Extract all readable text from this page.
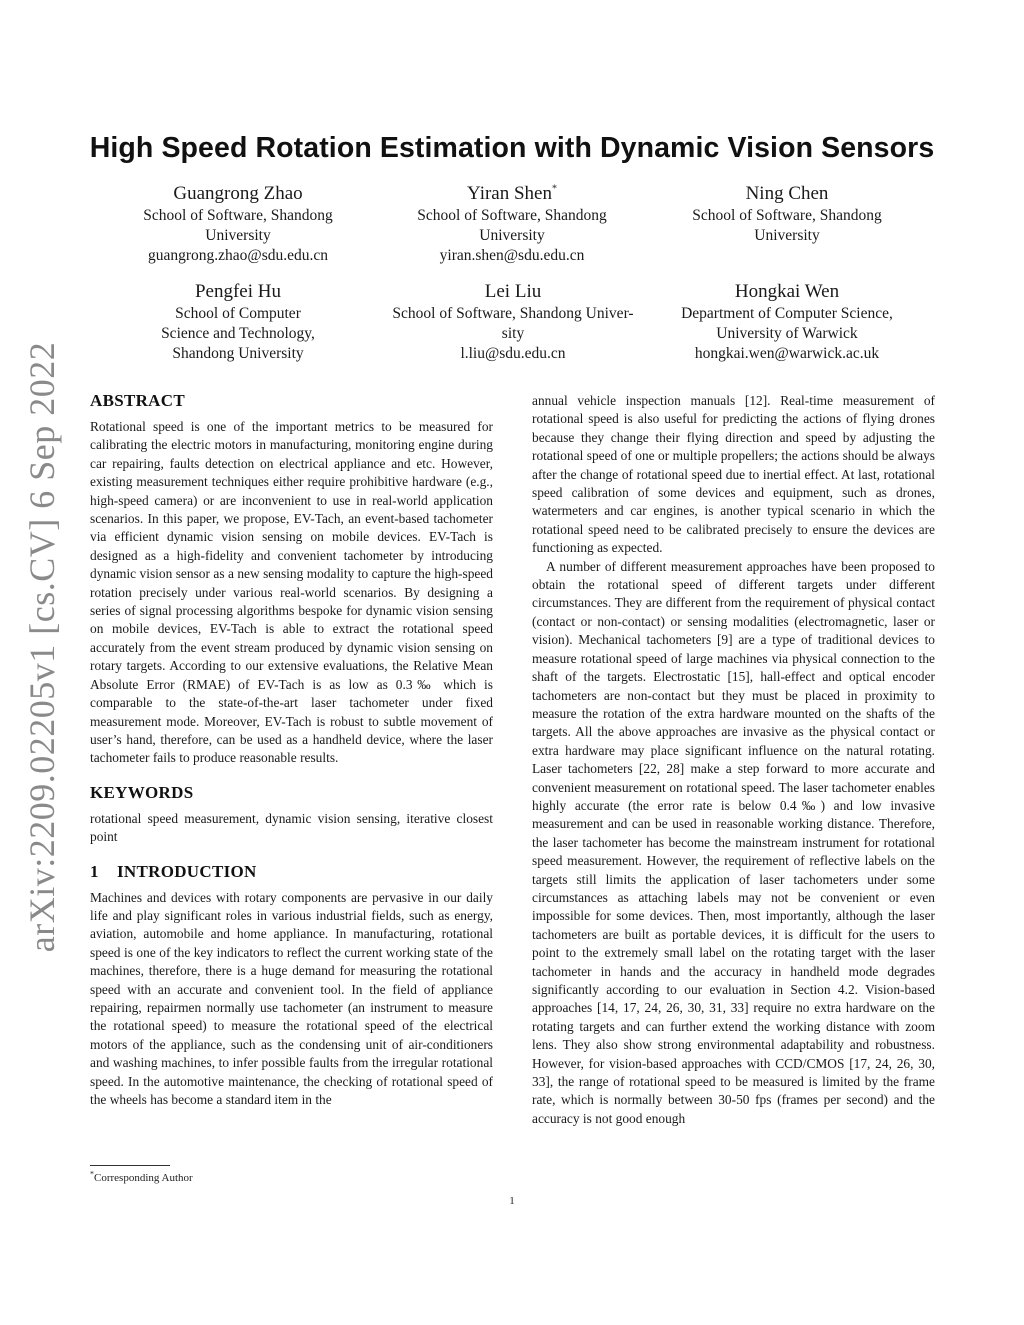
arXiv:2209.02205v1 [cs.CV] 6 Sep 2022
High Speed Rotation Estimation with Dynamic Vision Sensors
Guangrong Zhao
School of Software, Shandong
University
guangrong.zhao@sdu.edu.cn
Yiran Shen*
School of Software, Shandong
University
yiran.shen@sdu.edu.cn
Ning Chen
School of Software, Shandong
University
Pengfei Hu
School of Computer
Science and Technology,
Shandong University
Lei Liu
School of Software, Shandong Univer-
sity
l.liu@sdu.edu.cn
Hongkai Wen
Department of Computer Science,
University of Warwick
hongkai.wen@warwick.ac.uk
ABSTRACT

Rotational speed is one of the important metrics to be measured for calibrating the electric motors in manufacturing, monitoring engine during car repairing, faults detection on electrical appliance and etc. However, existing measurement techniques either require prohibitive hardware (e.g., high-speed camera) or are inconvenient to use in real-world application scenarios. In this paper, we propose, EV-Tach, an event-based tachometer via efficient dynamic vision sensing on mobile devices. EV-Tach is designed as a high-fidelity and convenient tachometer by introducing dynamic vision sensor as a new sensing modality to capture the high-speed rotation precisely under various real-world scenarios. By designing a series of signal processing algorithms bespoke for dynamic vision sensing on mobile devices, EV-Tach is able to extract the rotational speed accurately from the event stream produced by dynamic vision sensing on rotary targets. According to our extensive evaluations, the Relative Mean Absolute Error (RMAE) of EV-Tach is as low as 0.3‰ which is comparable to the state-of-the-art laser tachometer under fixed measurement mode. Moreover, EV-Tach is robust to subtle movement of user’s hand, therefore, can be used as a handheld device, where the laser tachometer fails to produce reasonable results.

KEYWORDS

rotational speed measurement, dynamic vision sensing, iterative closest point

1    INTRODUCTION

Machines and devices with rotary components are pervasive in our daily life and play significant roles in various industrial fields, such as energy, aviation, automobile and home appliance. In manufacturing, rotational speed is one of the key indicators to reflect the current working state of the machines, therefore, there is a huge demand for measuring the rotational speed with an accurate and convenient tool. In the field of appliance repairing, repairmen normally use tachometer (an instrument to measure the rotational speed) to measure the rotational speed of the electrical motors of the appliance, such as the condensing unit of air-conditioners and washing machines, to infer possible faults from the irregular rotational speed. In the automotive maintenance, the checking of rotational speed of the wheels has become a standard item in the

annual vehicle inspection manuals [12]. Real-time measurement of rotational speed is also useful for predicting the actions of flying drones because they change their flying direction and speed by adjusting the rotational speed of one or multiple propellers; the actions should be always after the change of rotational speed due to inertial effect. At last, rotational speed calibration of some devices and equipment, such as drones, watermeters and car engines, is another typical scenario in which the rotational speed need to be calibrated precisely to ensure the devices are functioning as expected.

A number of different measurement approaches have been proposed to obtain the rotational speed of different targets under different circumstances. They are different from the requirement of physical contact (contact or non-contact) or sensing modalities (electromagnetic, laser or vision). Mechanical tachometers [9] are a type of traditional devices to measure rotational speed of large machines via physical connection to the shaft of the targets. Electrostatic [15], hall-effect and optical encoder tachometers are non-contact but they must be placed in proximity to measure the rotation of the extra hardware mounted on the shafts of the targets. All the above approaches are invasive as the physical contact or extra hardware may place significant influence on the natural rotating. Laser tachometers [22, 28] make a step forward to more accurate and convenient measurement on rotational speed. The laser tachometer enables highly accurate (the error rate is below 0.4‰) and low invasive measurement and can be used in reasonable working distance. Therefore, the laser tachometer has become the mainstream instrument for rotational speed measurement. However, the requirement of reflective labels on the targets still limits the application of laser tachometers under some circumstances as attaching labels may not be convenient or even impossible for some devices. Then, most importantly, although the laser tachometers are built as portable devices, it is difficult for the users to point to the extremely small label on the rotating target with the laser tachometer in hands and the accuracy in handheld mode degrades significantly according to our evaluation in Section 4.2. Vision-based approaches [14, 17, 24, 26, 30, 31, 33] require no extra hardware on the rotating targets and can further extend the working distance with zoom lens. They also show strong environmental adaptability and robustness. However, for vision-based approaches with CCD/CMOS [17, 24, 26, 30, 33], the range of rotational speed to be measured is limited by the frame rate, which is normally between 30-50 fps (frames per second) and the accuracy is not good enough

*Corresponding Author
1
